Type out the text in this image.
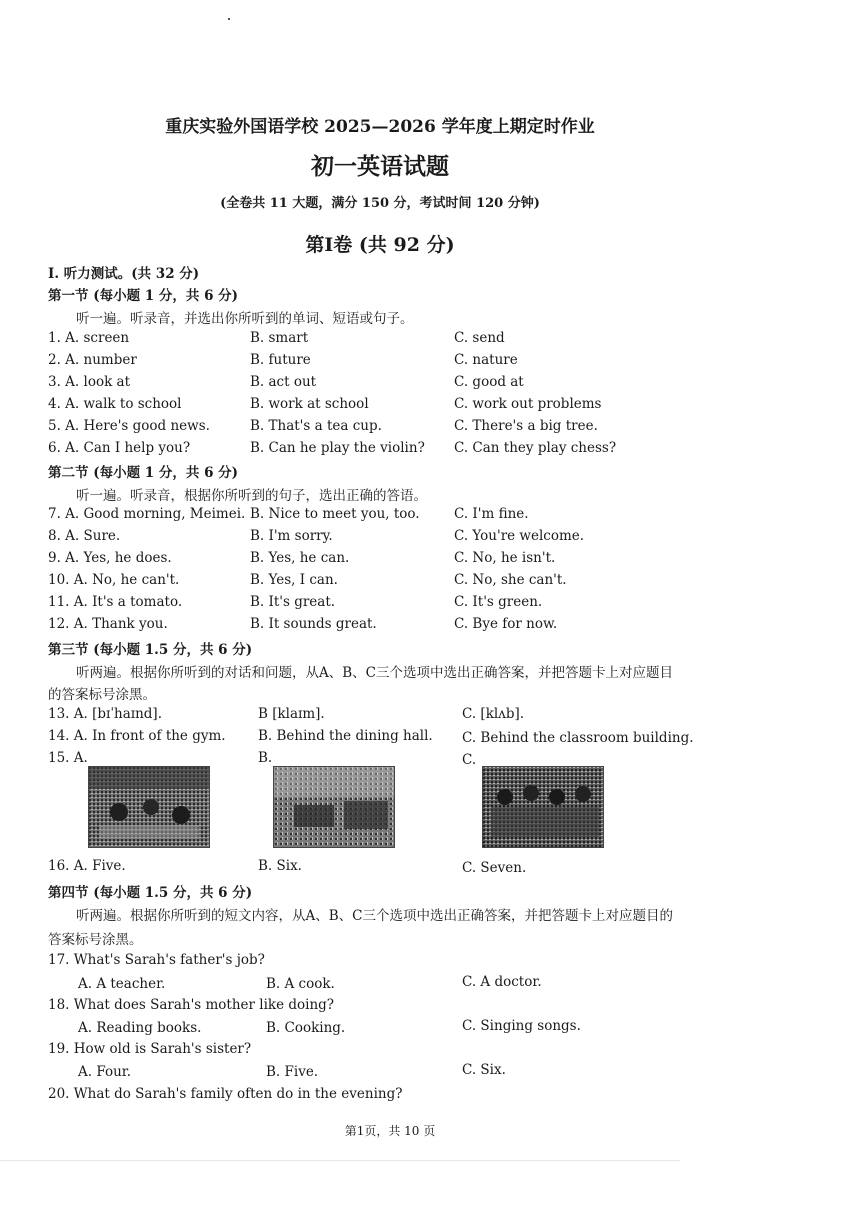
重庆实验外国语学校 2025—2026 学年度上期定时作业
初一英语试题
(全卷共 11 大题，满分 150 分，考试时间 120 分钟)
第I卷 (共 92 分)
I. 听力测试。(共 32 分)
第一节 (每小题 1 分，共 6 分)
听一遍。听录音，并选出你所听到的单词、短语或句子。
1. A. screen	B. smart	C. send
2. A. number	B. future	C. nature
3. A. look at	B. act out	C. good at
4. A. walk to school	B. work at school	C. work out problems
5. A. Here's good news.	B. That's a tea cup.	C. There's a big tree.
6. A. Can I help you?	B. Can he play the violin? C. Can they play chess?
第二节 (每小题 1 分，共 6 分)
听一遍。听录音，根据你所听到的句子，选出正确的答语。
7. A. Good morning, Meimei. B. Nice to meet you, too.	C. I'm fine.
8. A. Sure.	B. I'm sorry.	C. You're welcome.
9. A. Yes, he does.	B. Yes, he can.	C. No, he isn't.
10. A. No, he can't.	B. Yes, I can.	C. No, she can't.
11. A. It's a tomato.	B. It's great.	C. It's green.
12. A. Thank you.	B. It sounds great.	C. Bye for now.
第三节 (每小题 1.5 分，共 6 分)
听两遍。根据你所听到的对话和问题，从A、B、C三个选项中选出正确答案，并把答题卡上对应题目
的答案标号涂黑。
13. A. [bɪˈhaɪnd].	B [klaɪm].	C. [klʌb].
14. A. In front of the gym. B. Behind the dining hall. C. Behind the classroom building.
15. A.	B.	C.
16. A. Five.	B. Six.	C. Seven.
第四节 (每小题 1.5 分，共 6 分)
听两遍。根据你所听到的短文内容，从A、B、C三个选项中选出正确答案，并把答题卡上对应题目的
答案标号涂黑。
17. What's Sarah's father's job?
A. A teacher.	B. A cook.	C. A doctor.
18. What does Sarah's mother like doing?
A. Reading books.	B. Cooking.	C. Singing songs.
19. How old is Sarah's sister?
A. Four.	B. Five.	C. Six.
20. What do Sarah's family often do in the evening?
第1页，共 10 页
